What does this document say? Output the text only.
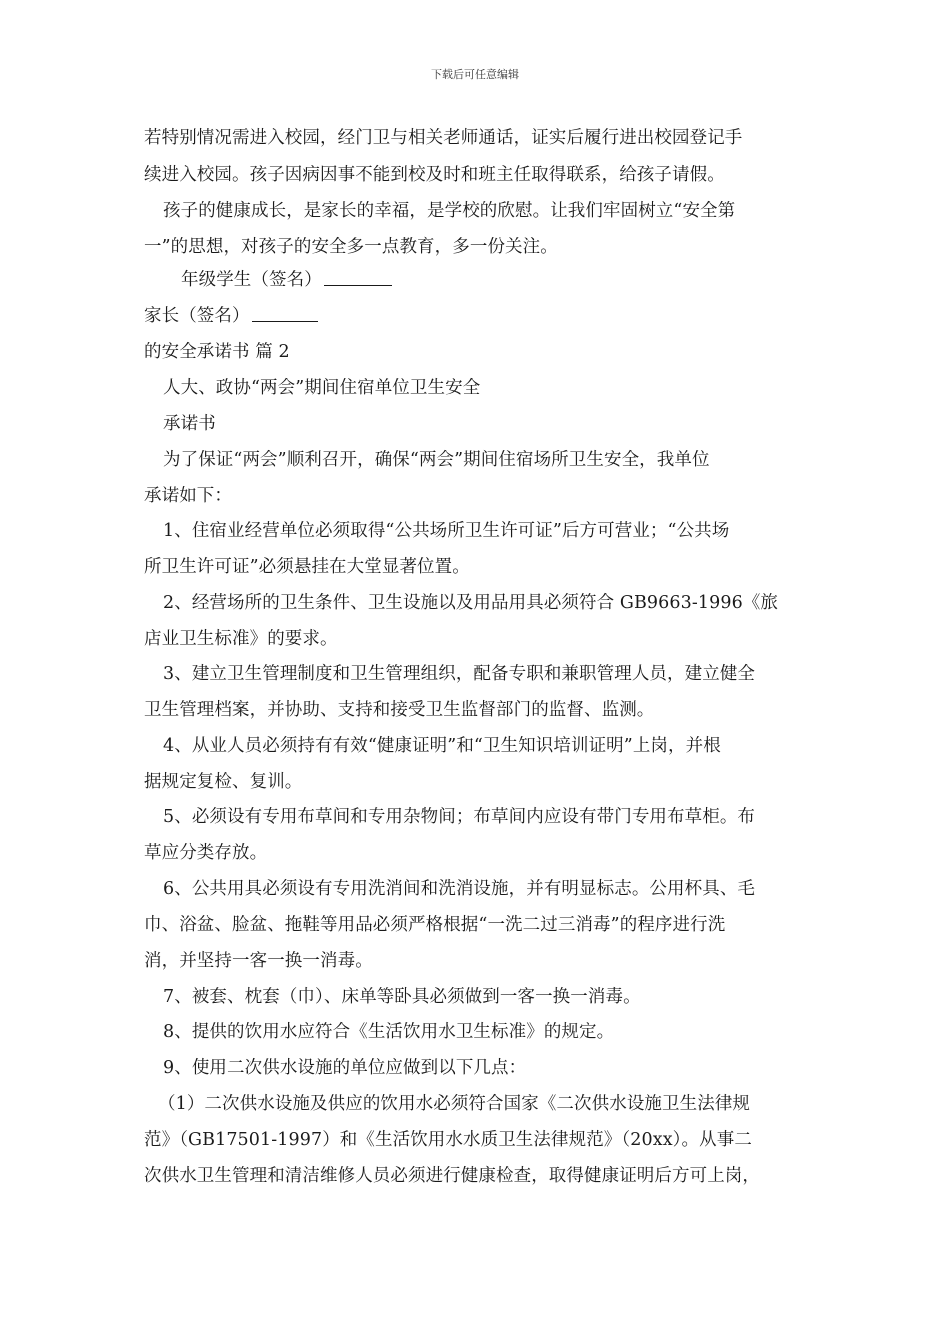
下载后可任意编辑
若特别情况需进入校园，经门卫与相关老师通话，证实后履行进出校园登记手
续进入校园。孩子因病因事不能到校及时和班主任取得联系，给孩子请假。
孩子的健康成长，是家长的幸福，是学校的欣慰。让我们牢固树立“安全第
一”的思想，对孩子的安全多一点教育，多一份关注。
年级学生（签名）
家长（签名）
的安全承诺书 篇 2
人大、政协“两会”期间住宿单位卫生安全
承诺书
为了保证“两会”顺利召开，确保“两会”期间住宿场所卫生安全，我单位
承诺如下：
1、住宿业经营单位必须取得“公共场所卫生许可证”后方可营业；“公共场
所卫生许可证”必须悬挂在大堂显著位置。
2、经营场所的卫生条件、卫生设施以及用品用具必须符合 GB9663-1996《旅
店业卫生标准》的要求。
3、建立卫生管理制度和卫生管理组织，配备专职和兼职管理人员，建立健全
卫生管理档案，并协助、支持和接受卫生监督部门的监督、监测。
4、从业人员必须持有有效“健康证明”和“卫生知识培训证明”上岗，并根
据规定复检、复训。
5、必须设有专用布草间和专用杂物间；布草间内应设有带门专用布草柜。布
草应分类存放。
6、公共用具必须设有专用洗消间和洗消设施，并有明显标志。公用杯具、毛
巾、浴盆、脸盆、拖鞋等用品必须严格根据“一洗二过三消毒”的程序进行洗
消，并坚持一客一换一消毒。
7、被套、枕套（巾）、床单等卧具必须做到一客一换一消毒。
8、提供的饮用水应符合《生活饮用水卫生标准》的规定。
9、使用二次供水设施的单位应做到以下几点：
（1）二次供水设施及供应的饮用水必须符合国家《二次供水设施卫生法律规
范》（GB17501-1997）和《生活饮用水水质卫生法律规范》（20xx）。从事二
次供水卫生管理和清洁维修人员必须进行健康检查，取得健康证明后方可上岗，
